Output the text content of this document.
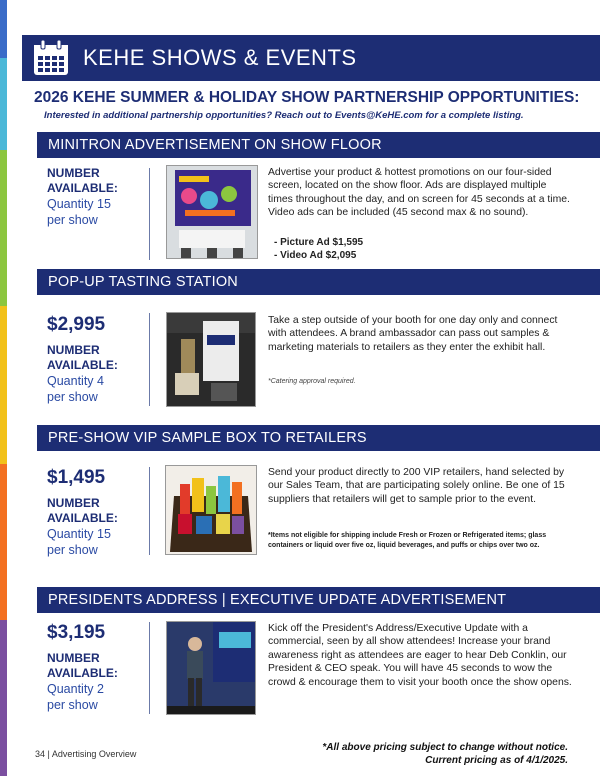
KEHE SHOWS & EVENTS
2026 KEHE SUMMER & HOLIDAY SHOW PARTNERSHIP OPPORTUNITIES:
Interested in additional partnership opportunities? Reach out to Events@KeHE.com for a complete listing.
MINITRON ADVERTISEMENT ON SHOW FLOOR
NUMBER
AVAILABLE:
Quantity 15
per show
Advertise your product & hottest promotions on our four-sided screen, located on the show floor. Ads are displayed multiple times throughout the day, and on screen for 45 seconds at a time. Video ads can be included (45 second max & no sound).
- Picture Ad $1,595
- Video Ad $2,095
POP-UP TASTING STATION
$2,995
NUMBER
AVAILABLE:
Quantity 4
per show
Take a step outside of your booth for one day only and connect with attendees. A brand ambassador can pass out samples & marketing materials to retailers as they enter the exhibit hall.
*Catering approval required.
PRE-SHOW VIP SAMPLE BOX TO RETAILERS
$1,495
NUMBER
AVAILABLE:
Quantity 15
per show
Send your product directly to 200 VIP retailers, hand selected by our Sales Team, that are participating solely online. Be one of 15 suppliers that retailers will get to sample prior to the event.
*Items not eligible for shipping include Fresh or Frozen or Refrigerated items; glass containers or liquid over five oz, liquid beverages, and puffs or chips over two oz.
PRESIDENTS ADDRESS | EXECUTIVE UPDATE ADVERTISEMENT
$3,195
NUMBER
AVAILABLE:
Quantity 2
per show
Kick off the President's Address/Executive Update with a commercial, seen by all show attendees! Increase your brand awareness right as attendees are eager to hear Deb Conklin, our President & CEO speak. You will have 45 seconds to wow the crowd & encourage them to visit your booth once the show opens.
34 | Advertising Overview
*All above pricing subject to change without notice.
Current pricing as of 4/1/2025.
